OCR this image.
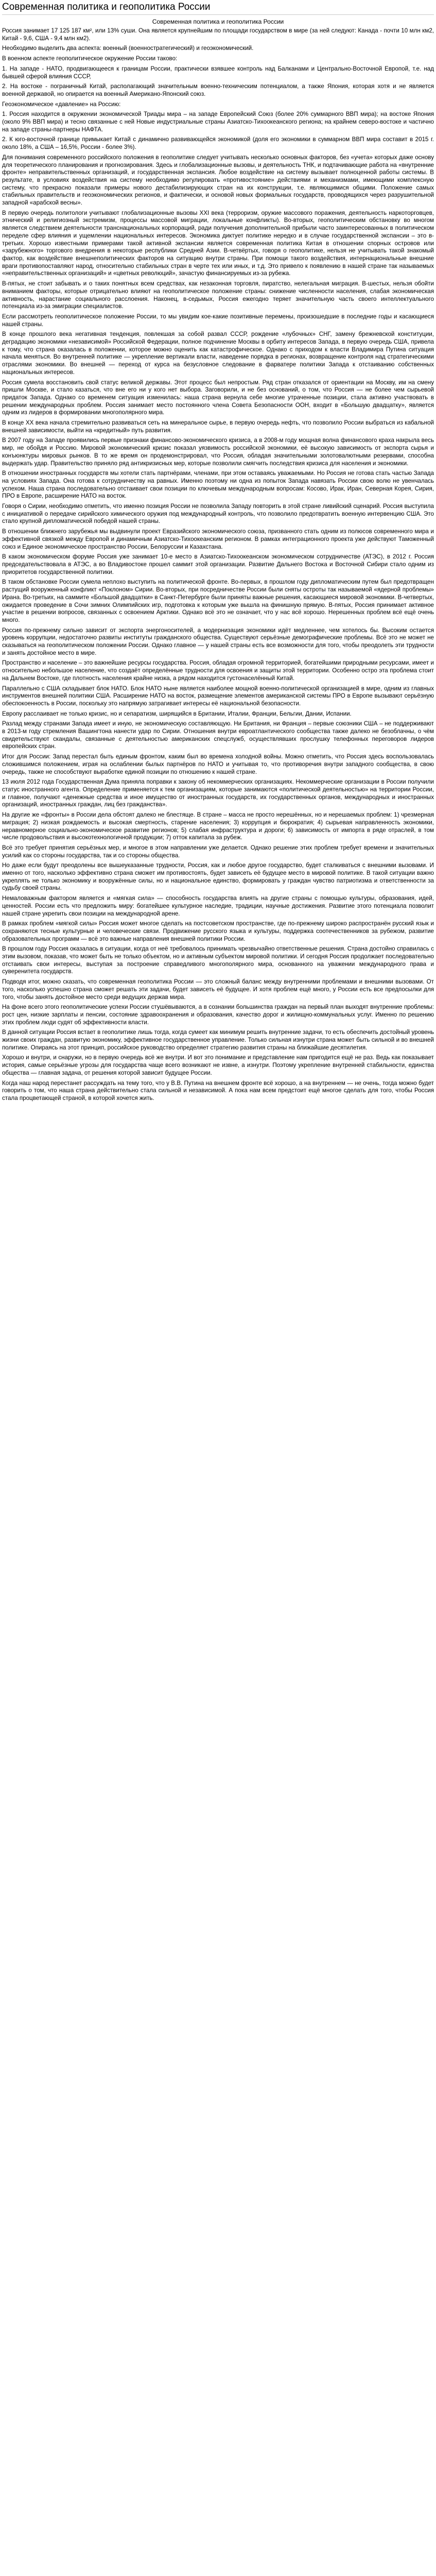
Современная политика и геополитика России
Современная политика и геополитика России

Россия занимает 17 125 187 км², или 13% суши. Она является крупнейшим по площади государством в мире (за ней следуют: Канада - почти 10 млн км2, Китай - 9,6, США - 9,4 млн км2).

Необходимо выделить два аспекта: военный (военностратегический) и геоэкономический.

В военном аспекте геополитическое окружение России таково:

1. На западе - НАТО, продвигающееся к границам России, практически взявшее контроль над Балканами и Центрально-Восточной Европой, т.е. над бывшей сферой влияния СССР,

2. На востоке - пограничный Китай, располагающий значительным военно-техническим потенциалом, а также Япония, которая хотя и не является военной державой, но опирается на военный Американо-Японский союз.

Геоэкономическое «давление» на Россию:

1. Россия находится в окружении экономической Триады мира – на западе Европейский Союз (более 20% суммарного ВВП мира); на востоке Япония (около 9% ВВП мира) и тесно связанные с ней Новые индустриальные страны Азиатско-Тихоокеанского региона; на крайнем северо-востоке и частично на западе страны-партнеры НАФТА.

2. К юго-восточной границе примыкает Китай с динамично развивающейся экономикой (доля его экономики в суммарном ВВП мира составит в 2015 г. около 18%, а США – 16,5%, России - более 3%).

Для понимания современного российского положения в геополитике следует учитывать несколько основных факторов, без «учета» которых даже основу для теоретического планирования и прогнозирования. Здесь и глобализационные вызовы, и деятельность ТНК, и подтачивающие работа на «внутренние фронте» неправительственных организаций, и государственная экспансия. Любое воздействие на систему вызывает полноценной работы системы. В результате, в условиях воздействия на систему необходимо регулировать «противостояние» действиями и механизмами, имеющими комплексную систему, что прекрасно показали примеры нового дестабилизирующих стран на их конструкции, т.е. являющимися общими. Положение самых стабильных правительств и геоэкономических регионов, и фактически, и основой новых формальных государств, проводящихся через разрушительной западной «арабской весны».

В первую очередь политологи учитывают глобализационные вызовы XXI века (терроризм, оружие массового поражения, деятельность наркоторговцев, этнический и религиозный экстремизм, процессы массовой миграции, локальные конфликты). Во-вторых, геополитическим обстановку во многом является следствием деятельности транснациональных корпораций, ради получения дополнительной прибыли часто заинтересованных в политическом переделе сфер влияния и ущемлении национальных интересов. Экономика диктует политике нередко и в случае государственной экспансии – это в-третьих. Хорошо известными примерами такой активной экспансии является современная политика Китая в отношении спорных островов или «зарубежного» торгового внедрения в некоторые республики Средней Азии. В-четвёртых, говоря о геополитике, нельзя не учитывать такой знакомый фактор, как воздействие внешнеполитических факторов на ситуацию внутри страны. При помощи такого воздействия, интернациональные внешние враги противопоставляют народ, относительно стабильных стран в черте тех или иных, и т.д. Это привело к появлению в нашей стране так называемых «неправительственных организаций» и «цветных революций», зачастую финансируемых из-за рубежа.

В-пятых, не стоит забывать и о таких понятных всем средствах, как незаконная торговля, пиратство, нелегальная миграция. В-шестых, нельзя обойти вниманием факторы, которые отрицательно влияют на геополитическое положение страны: снижение численности населения, слабая экономическая активность, нарастание социального расслоения. Наконец, в-седьмых, Россия ежегодно теряет значительную часть своего интеллектуального потенциала из-за эмиграции специалистов.

Если рассмотреть геополитическое положение России, то мы увидим кое-какие позитивные перемены, произошедшие в последние годы и касающиеся нашей страны.

В конце прошлого века негативная тенденция, повлекшая за собой развал СССР, рождение «лубочных» СНГ, замену брежневской конституции, деградацию экономики «независимой» Российской Федерации, полное подчинение Москвы в орбиту интересов Запада, в первую очередь США, привела к тому, что страна оказалась в положении, которое можно оценить как катастрофическое. Однако с приходом к власти Владимира Путина ситуация начала меняться. Во внутренней политике — укрепление вертикали власти, наведение порядка в регионах, возвращение контроля над стратегическими отраслями экономики. Во внешней — переход от курса на безусловное следование в фарватере политики Запада к отстаиванию собственных национальных интересов.

Россия сумела восстановить свой статус великой державы. Этот процесс был непростым. Ряд стран отказался от ориентации на Москву, им на смену пришли Москве, и стало казаться, что вне его ни у кого нет выбора. Заговорили, и не без оснований, о том, что Россия — не более чем сырьевой придаток Запада. Однако со временем ситуация изменилась: наша страна вернула себе многие утраченные позиции, стала активно участвовать в решении международных проблем. Россия занимает место постоянного члена Совета Безопасности ООН, входит в «Большую двадцатку», является одним из лидеров в формировании многополярного мира.

В конце XX века начала стремительно развиваться сеть на минеральное сырье, в первую очередь нефть, что позволило России выбраться из кабальной внешней зависимости, выйти на «кредитный» путь развития.

В 2007 году на Западе проявились первые признаки финансово-экономического кризиса, а в 2008-м году мощная волна финансового краха накрыла весь мир, не обойдя и Россию. Мировой экономический кризис показал уязвимость российской экономики, её высокую зависимость от экспорта сырья и конъюнктуры мировых рынков. В то же время он продемонстрировал, что Россия, обладая значительными золотовалютными резервами, способна выдержать удар. Правительство приняло ряд антикризисных мер, которые позволили смягчить последствия кризиса для населения и экономики.

В отношении иностранных государств мы хотели стать партнёрами, членами, при этом оставаясь уважаемыми. Но Россия не готова стать частью Запада на условиях Запада. Она готова к сотрудничеству на равных. Именно поэтому ни одна из попыток Запада навязать России свою волю не увенчалась успехом. Наша страна последовательно отстаивает свои позиции по ключевым международным вопросам: Косово, Ирак, Иран, Северная Корея, Сирия, ПРО в Европе, расширение НАТО на восток.

Говоря о Сирии, необходимо отметить, что именно позиция России не позволила Западу повторить в этой стране ливийский сценарий. Россия выступила с инициативой о передаче сирийского химического оружия под международный контроль, что позволило предотвратить военную интервенцию США. Это стало крупной дипломатической победой нашей страны.

В отношении ближнего зарубежья мы выдвинули проект Евразийского экономического союза, призванного стать одним из полюсов современного мира и эффективной связкой между Европой и динамичным Азиатско-Тихоокеанским регионом. В рамках интеграционного проекта уже действуют Таможенный союз и Единое экономическое пространство России, Белоруссии и Казахстана.

В каком экономическом форуме Россия уже занимает 10-е место в Азиатско-Тихоокеанском экономическом сотрудничестве (АТЭС), в 2012 г. Россия председательствовала в АТЭС, а во Владивостоке прошел саммит этой организации. Развитие Дальнего Востока и Восточной Сибири стало одним из приоритетов государственной политики.

В таком обстановке России сумела неплохо выступить на политической фронте. Во-первых, в прошлом году дипломатическим путем был предотвращен растущий вооруженный конфликт «Поклоном» Сирии. Во-вторых, при посредничестве России были сняты остроты так называемой «ядерной проблемы» Ирана. Во-третьих, на саммите «Большой двадцатки» в Санкт-Петербурге были приняты важные решения, касающиеся мировой экономики. В-четвертых, ожидается проведение в Сочи зимних Олимпийских игр, подготовка к которым уже вышла на финишную прямую. В-пятых, Россия принимает активное участие в решении вопросов, связанных с освоением Арктики. Однако всё это не означает, что у нас всё хорошо. Нерешенных проблем всё ещё очень много.

Россия по-прежнему сильно зависит от экспорта энергоносителей, а модернизация экономики идёт медленнее, чем хотелось бы. Высоким остается уровень коррупции, недостаточно развиты институты гражданского общества. Существуют серьёзные демографические проблемы. Всё это не может не сказываться на геополитическом положении России. Однако главное — у нашей страны есть все возможности для того, чтобы преодолеть эти трудности и занять достойное место в мире.

Пространство и население – это важнейшие ресурсы государства. Россия, обладая огромной территорией, богатейшими природными ресурсами, имеет и относительно небольшое население, что создаёт определённые трудности для освоения и защиты этой территории. Особенно остро эта проблема стоит на Дальнем Востоке, где плотность населения крайне низка, а рядом находится густонаселённый Китай.

Параллельно с США складывает блок НАТО. Блок НАТО ныне является наиболее мощной военно-политической организацией в мире, одним из главных инструментов внешней политики США. Расширение НАТО на восток, размещение элементов американской системы ПРО в Европе вызывают серьёзную обеспокоенность в России, поскольку это напрямую затрагивает интересы её национальной безопасности.

Европу расслаивает не только кризис, но и сепаратизм, ширящийся в Британии, Италии, Франции, Бельгии, Дании, Испании.

Разлад между странами Запада имеет и иную, не экономическую составляющую. Ни Британия, ни Франция – первые союзники США – не поддерживают в 2013-м году стремления Вашингтона нанести удар по Сирии. Отношения внутри евроатлантического сообщества также далеко не безоблачны, о чём свидетельствуют скандалы, связанные с деятельностью американских спецслужб, осуществлявших прослушку телефонных переговоров лидеров европейских стран.

Итог для России: Запад перестал быть единым фронтом, каким был во времена холодной войны. Можно отметить, что Россия здесь воспользовалась сложившимся положением, играя на ослаблении былых партнёров по НАТО и учитывая то, что противоречия внутри западного сообщества, в свою очередь, также не способствуют выработке единой позиции по отношению к нашей стране.

13 июля 2012 года Государственная Дума приняла поправки к закону об некоммерческих организациях. Некоммерческие организации в России получили статус иностранного агента. Определение применяется к тем организациям, которые занимаются «политической деятельностью» на территории России, и главное, получают «денежные средства и иное имущество от иностранных государств, их государственных органов, международных и иностранных организаций, иностранных граждан, лиц без гражданства».

На другие же «фронты» в России дела обстоят далеко не блестяще. В стране – масса не просто нерешённых, но и нерешаемых проблем: 1) чрезмерная миграция; 2) низкая рождаемость и высокая смертность, старение населения; 3) коррупция и бюрократия; 4) сырьевая направленность экономики, неравномерное социально-экономическое развитие регионов; 5) слабая инфраструктура и дороги; 6) зависимость от импорта в ряде отраслей, в том числе продовольствия и высокотехнологичной продукции; 7) отток капитала за рубеж.

Всё это требует принятия серьёзных мер, и многое в этом направлении уже делается. Однако решение этих проблем требует времени и значительных усилий как со стороны государства, так и со стороны общества.

Но даже если будут преодолены все вышеуказанные трудности, Россия, как и любое другое государство, будет сталкиваться с внешними вызовами. И именно от того, насколько эффективно страна сможет им противостоять, будет зависеть её будущее место в мировой политике. В такой ситуации важно укреплять не только экономику и вооружённые силы, но и национальное единство, формировать у граждан чувство патриотизма и ответственности за судьбу своей страны.

Немаловажным фактором является и «мягкая сила» — способность государства влиять на другие страны с помощью культуры, образования, идей, ценностей. России есть что предложить миру: богатейшее культурное наследие, традиции, научные достижения. Развитие этого потенциала позволит нашей стране укрепить свои позиции на международной арене.

В рамках проблем «мягкой силы» Россия может многое сделать на постсоветском пространстве, где по-прежнему широко распространён русский язык и сохраняются тесные культурные и человеческие связи. Продвижение русского языка и культуры, поддержка соотечественников за рубежом, развитие образовательных программ — всё это важные направления внешней политики России.

В прошлом году Россия оказалась в ситуации, когда от неё требовалось принимать чрезвычайно ответственные решения. Страна достойно справилась с этим вызовом, показав, что может быть не только объектом, но и активным субъектом мировой политики. И сегодня Россия продолжает последовательно отстаивать свои интересы, выступая за построение справедливого многополярного мира, основанного на уважении международного права и суверенитета государств.

Подводя итог, можно сказать, что современная геополитика России — это сложный баланс между внутренними проблемами и внешними вызовами. От того, насколько успешно страна сможет решать эти задачи, будет зависеть её будущее. И хотя проблем ещё много, у России есть все предпосылки для того, чтобы занять достойное место среди ведущих держав мира.

На фоне всего этого геополитические успехи России стушёвываются, а в сознании большинства граждан на первый план выходят внутренние проблемы: рост цен, низкие зарплаты и пенсии, состояние здравоохранения и образования, качество дорог и жилищно-коммунальных услуг. Именно по решению этих проблем люди судят об эффективности власти.

В данной ситуации Россия встает в геополитике лишь тогда, когда сумеет как минимум решить внутренние задачи, то есть обеспечить достойный уровень жизни своих граждан, развитую экономику, эффективное государственное управление. Только сильная изнутри страна может быть сильной и во внешней политике. Опираясь на этот принцип, российское руководство определяет стратегию развития страны на ближайшие десятилетия.

Хорошо и внутри, и снаружи, но в первую очередь всё же внутри. И вот это понимание и представление нам пригодится ещё не раз. Ведь как показывает история, самые серьёзные угрозы для государства чаще всего возникают не извне, а изнутри. Поэтому укрепление внутренней стабильности, единства общества — главная задача, от решения которой зависит будущее России.

Когда наш народ перестанет рассуждать на тему того, что у В.В. Путина на внешнем фронте всё хорошо, а на внутреннем — не очень, тогда можно будет говорить о том, что наша страна действительно стала сильной и независимой. А пока нам всем предстоит ещё многое сделать для того, чтобы Россия стала процветающей страной, в которой хочется жить.
